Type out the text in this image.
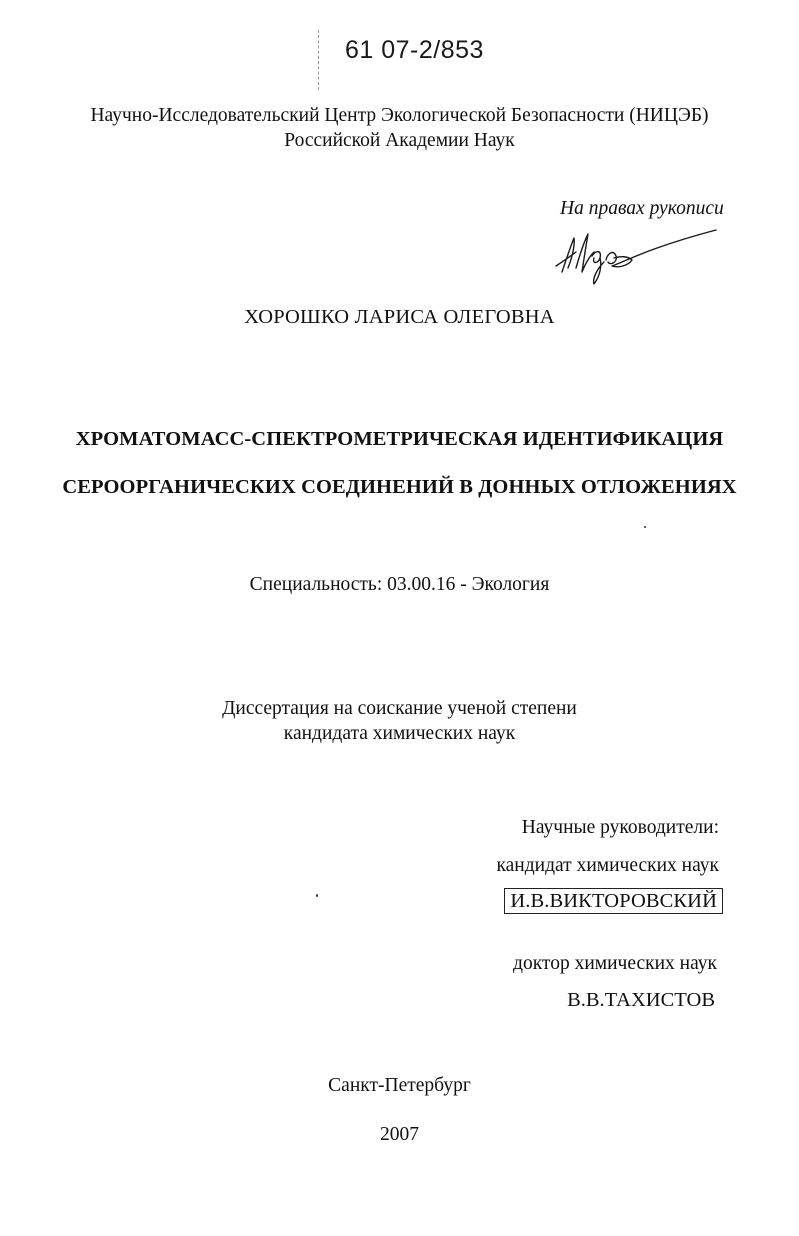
61 07-2/853
Научно-Исследовательский Центр Экологической Безопасности (НИЦЭБ)
Российской Академии Наук
На правах рукописи
ХОРОШКО ЛАРИСА ОЛЕГОВНА
ХРОМАТОМАСС-СПЕКТРОМЕТРИЧЕСКАЯ ИДЕНТИФИКАЦИЯ
СЕРООРГАНИЧЕСКИХ СОЕДИНЕНИЙ В ДОННЫХ ОТЛОЖЕНИЯХ
Специальность: 03.00.16 - Экология
Диссертация на соискание ученой степени
кандидата химических наук
Научные руководители:
кандидат химических наук
И.В.ВИКТОРОВСКИЙ
доктор химических наук
В.В.ТАХИСТОВ
Санкт-Петербург
2007
